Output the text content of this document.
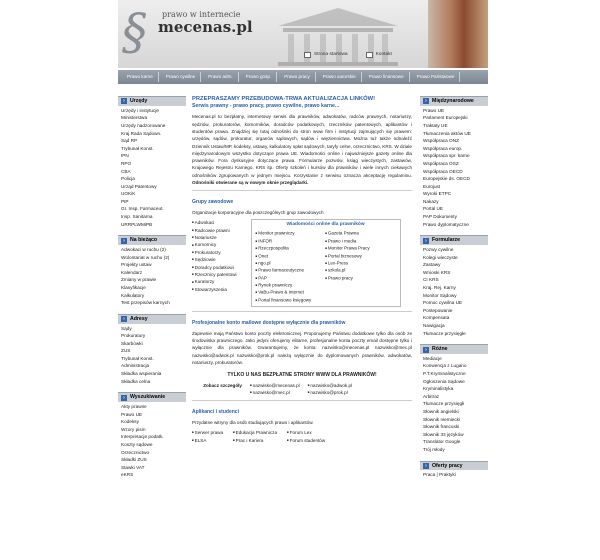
§ prawo w internecie
mecenas.pl
Strona startowa	Kontakt
Prawo karne	Prawo cywilne	Prawo adm.	Prawo gosp.	Prawo pracy	Prawo autorskie	Prawo finansowe	Prawo Państwowe
› Urzędy
Urzędy i instytucje
Ministerstwa
Urzędy nadzorowane
Kraj.Rada Sądown.
Sąd RP
Trybunał Konst.
IPN
RPO
CBA
Policja
Urząd Patentowy
UOKiK
PIP
GI. Insp. Farmaceut.
Insp. Sanitarna
URRPLWMiPB
› Na bieżąco
Adwokaci w ruchu (2)
Wolontariat w ruchu (2)
Projekty ustaw
Kalendarz
Zmiany w prawie
Klasyfikacje
Kalkulatory
Test przepisów karnych
› Adresy
Sądy
Prokuratury
Skarbówki
ZUS
Trybunał Konst.
Administracja
Składka wspierania
Składka celna
› Wyszukiwanie
Akty prawne
Prawo UE
Kodeksy
Wzory pism
Interpretacje podatk.
Koszty sądowe
Orzecznictwo
Składki ZUS
Stawki VAT
eKRS
PRZEPRASZAMY PRZEBUDOWA-TRWA AKTUALIZACJA LINKÓW!
Serwis prawny - prawo pracy, prawo cywilne, prawo karne...
Mecenas.pl to bezpłatny, internetowy serwis dla prawników, adwokatów, radców prawnych, notariuszy, sędziów, prokuratorów, komorników, doradców podatkowych, rzeczników patentowych, aplikantów i studentów prawa. Znajdziej się tutaj odnośniki do stron www firm i instytucji zajmujących się prawem: urzędów, sądów, prokuratur, organów sądowych, sądów i więziennictwa. Można tuż także odnaleźć Dziennik Ustaw/MP, kodeksy, ustawy, kalkulatory opłat sądowych, taryfy celne, orzecznictwo, KRS. W dziale międzynarodowym wszystko dotyczące prawa UE. Wiadomości online i najważniejsze gazety online dla prawników. Fora dyskusyjne dotyczące prawa. Formularze pozwów, ksiąg wieczystych, zastawów, Krajowego Rejestru Karnego, KRS itp. Oferty szkoleń i kursów dla prawników i wiele innych ciekawych odnośników zgrupowanych w jednym miejscu. Korzystanie z serwisu oznacza akceptację regulaminu. Odnośniki otwierane są w nowym oknie przeglądarki.
Grupy zawodowe
Organizacje korporacyjne dla poszczególnych grup zawodowych
■ Adwokaci
■ Radcowie prawni
■ Notariusze
■ Komornicy
■ Prokuratorzy
■ Sędziowie
■ Doradcy podatkowi
■ Rzecznicy patentowi
■ Kuratorzy
■ Stowarzyszenia
Wiadomości online dla prawników
■ Monitor prawniczy
■ INFOR
■ Rzeczpospolita
■ Onet
■ ngo.pl
■ Prawo farmaceutyczne
■ PAP
■ Rynek prawniczy
■ VaBu-Prawo & Internet
■ Portal finansowo księgowy
■ Gazeta Prawna
■ Prawo i media
■ Monitor Prawa Pracy
■ Portal biznesowy
■ Lex-Press
■ szkola.pl
■ Prawo pracy
Profesjonalne konto mailowe dostępne wyłącznie dla prawników
Zapewnie mają Państwo konto poczty elektronicznej. Proponujemy Państwu dodatkowe tylko dla osób ze środowiska prawniczego. Jako jedyni oferujemy elitarne, profesjonalne konta poczty email dostępne tylko i wyłącznie dla prawników. Gwarantujemy, że konta: nazwisko@mecenas.pl nazwisko@mec.pl nazwisko@adwok.pl nazwisko@prok.pl należą wyłącznie do dyplomowanych prawników, adwokatów, notariuszy, prokuratorów.
TYLKO U NAS BEZPŁATNE STRONY WWW DLA PRAWNIKÓW!
Zobacz szczegóły
■	nazwisko@mecenas.pl
■ nazwisko@mec.pl
■ nazwisko@adwok.pl
■ nazwisko@prok.pl
Aplikanci i studenci
Przydatne witryny dla osób studiujących prawo i aplikantów.
■ Serwer prawa
■ ELSA
■ Edukacja Prawnicza
■ Prac i Kariera
■ Forum Lex
■ Forum studentów
› Międzynarodowe
Prawo UE
Parlament Europejski
Traktaty UE
Tłumaczenia aktów UE
Współpraca ONZ
Współpraca europ.
Współpraca spr. karne
Współpraca OSZ
Współpraca OECD
Europejskie ds. OECD
Eurojust
Wyroki ETPC
Nakazy
Portal UE
PAP Dokumenty
Prawo dyplomatyczne
› Formularze
Pozwy cywilne
Kolegi wieczyste
Zastawy
Wnioski KRS
CI KRS
Kraj. Rej. Karny
Monitor Sądowy
Pomoc cywilna UE
Postepowanie
Kompensata
Nawigacja
Tłumacze przysięgłe
› Różne
Mediacje
Konwencja z Lugano
P.T.Kryminalistyczne
Ogłoszenia Sądowe
Kryminalistyka
Arbitraż
Tłumacze przysięgłi
Słownik angielski
Słownik niemiecki
Słownik francuski
Słownik 33 języków
Translator Google
Trój młody
› Oferty pracy
Praca | Praktyki
